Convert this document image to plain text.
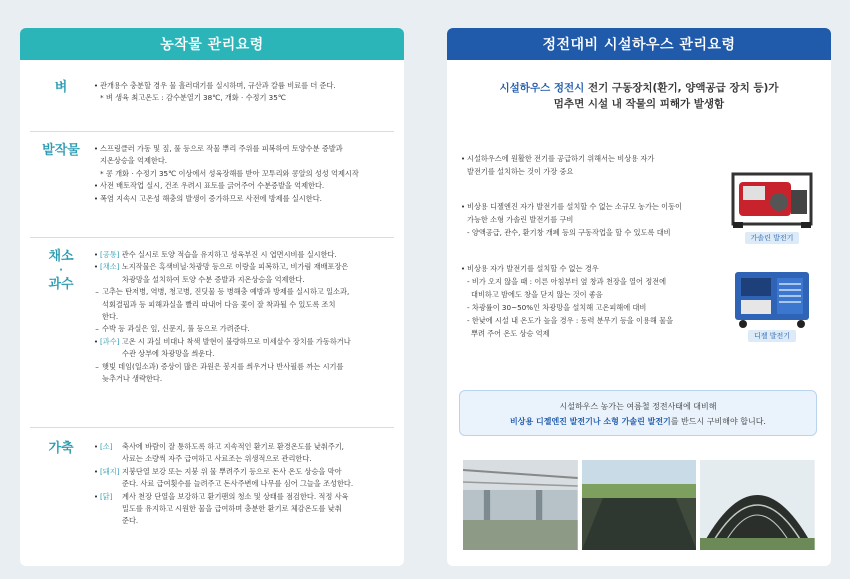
농작물 관리요령
벼	• 관개용수 충분할 경우 물 흘러대기를 실시하며, 규산과 칼륨 비료를 더 준다.
* 벼 생육 최고온도 : 감수분열기 38℃, 개화 · 수정기 35℃
밭작물	• 스프링클러 가동 및 짚, 풀 등으로 작물 뿌리 주위를 피복하여 토양수분 증발과
지온상승을 억제한다.
* 콩 개화 · 수정기 35℃ 이상에서 성육장해를 받아 꼬투리와 콩알의 성성 억제시작
• 사전 배토작업 실시, 건조 우려시 표토를 긁어주어 수분증발을 억제한다.
• 폭염 지속시 고온성 해충의 발생이 증가하므로 사전에 방제를 실시한다.
채소
·
과수
• [공통] 관수 실시로 토양 적습을 유지하고 성육부진 시 엽면시비를 실시한다.
• [채소] 노지작물은 흑색비닐·차광망 등으로 이랑을 피복하고, 비가림 재배포장은
차광망을 설치하여 토양 수분 증발과 지온상승을 억제한다.
– 고추는 탄저병, 역병, 청고병, 진딧물 등 병해충 예방과 방제를 실시하고 일소과,
석회결핍과 등 피해과실을 빨리 따내어 다음 꽃이 잘 착과될 수 있도록 조치
한다.
– 수박 등 과실은 잎, 신문지, 풀 등으로 가려준다.
• [과수] 고온 시 과실 비대나 착색 발현이 불량하므로 미세살수 장치를 가동하거나
수관 상부에 차광망을 씌운다.
– 햇빛 데임(일소과) 증상이 많은 과원은 봉지를 씌우거나 반사필름 까는 시기를
늦추거나 생략한다.
가축	• [소]	축사에 바람이 잘 통하도록 하고 지속적인 환기로 환경온도를 낮춰주기,
사료는 소량씩 자주 급여하고 사료조는 위생적으로 관리한다.
• [돼지] 지붕단열 보강 또는 지붕 위 물 뿌려주기 등으로 돈사 온도 상승을 막아
준다. 사료 급여횟수를 늘려주고 돈사주변에 나무를 심어 그늘을 조성한다.
• [닭]	계사 천장 단열을 보강하고 환기팬의 청소 및 상태를 점검한다. 적정 사육
밀도를 유지하고 시원한 물을 급여하며 충분한 환기로 체감온도를 낮춰
준다.
정전대비 시설하우스 관리요령
시설하우스 정전시 전기 구동장치(환기, 양액공급 장치 등)가
멈추면 시설 내 작물의 피해가 발생함
• 시설하우스에 원활한 전기를 공급하기 위해서는 비상용 자가
발전기를 설치하는 것이 가장 중요
• 비상용 디젤엔진 자가 발전기를 설치할 수 없는 소규모 농가는 이동이
가능한 소형 가솔린 발전기를 구비
- 양액공급, 관수, 환기창 개폐 등의 구동작업을 할 수 있도록 대비
• 비상용 자가 발전기를 설치할 수 없는 경우
- 비가 오지 않을 때 : 이른 아침부터 옆 창과 천장을 열어 정전에
대비하고 밤에도 창을 닫지 않는 것이 좋음
- 차광률이 30~50%인 차광망을 설치해 고온피해에 대비
- 한낮에 시설 내 온도가 높을 경우 : 동력 분무기 등을 이용해 물을
뿌려 주어 온도 상승 억제
가솔린 발전기
디젤 발전기
시설하우스 농가는 여름철 정전사태에 대비해
비상용 디젤엔진 발전기나 소형 가솔린 발전기를 반드시 구비해야 합니다.
